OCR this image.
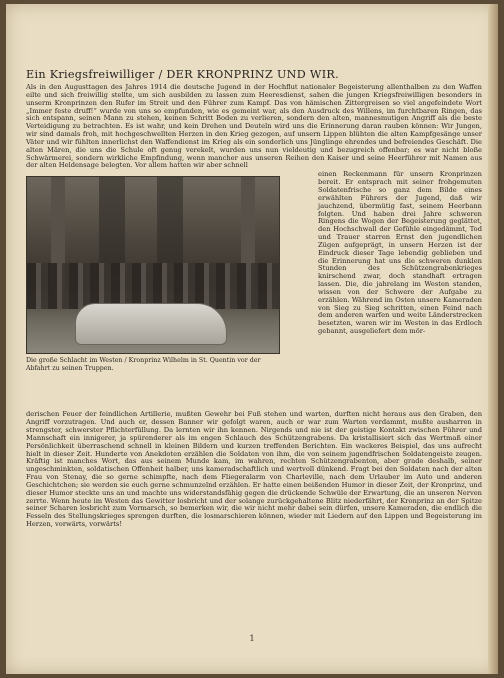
Ein Kriegsfreiwilliger / DER KRONPRINZ UND WIR.

Als in den Augusttagen des Jahres 1914 die deutsche Jugend in der Hochflut nationaler Begeisterung allenthalben zu den Waffen eilte und sich freiwillig stellte, um sich ausbilden zu lassen zum Heeresdienst, sahen die jungen Kriegsfreiwilligen besonders in unserm Kronprinzen den Rufer im Streit und den Führer zum Kampf. Das von hämischen Zittergreisen so viel angefeindete Wort „Immer feste druff!“ wurde von uns so empfunden, wie es gemeint war, als den Ausdruck des Willens, im furchtbaren Ringen, das sich entspann, seinen Mann zu stehen, keinen Schritt Boden zu verlieren, sondern den alten, mannesmutigen Angriff als die beste Verteidigung zu betrachten. Es ist wahr, und kein Drehen und Deuteln wird uns die Erinnerung daran rauben können: Wir Jungen, wir sind damals froh, mit hochgeschwellten Herzen in den Krieg gezogen, auf unsern Lippen blühten die alten Kampfgesänge unser Väter und wir fühlten innerlichst den Waffendienst im Krieg als ein sonderlich uns Jünglinge ehrendes und befreiendes Geschäft. Die alten Mären, die uns die Schule oft genug verekelt, wurden uns nun vieldeutig und bezugreich offenbar; es war nicht bloße Schwärmerei, sondern wirkliche Empfindung, wenn mancher aus unseren Reihen den Kaiser und seine Heerführer mit Namen aus der alten Heldensage belegten. Vor allem hatten wir aber schnell

Die große Schlacht im Westen / Kronprinz Wilhelm in St. Quentin vor der Abfahrt zu seinen Truppen.

einen Reckenmann für unsern Kronprinzen bereit. Er entsprach mit seiner frohgemuten Soldatenfrische so ganz dem Bilde eines erwählten Führers der Jugend, daß wir jauchzend, übermütig fast, seinem Heerbann folgten. Und haben drei Jahre schweren Ringens die Wogen der Begeisterung geglättet, den Hochschwall der Gefühle eingedämmt, Tod und Trauer starren Ernst den jugendlichen Zügen aufgeprägt, in unsern Herzen ist der Eindruck dieser Tage lebendig geblieben und die Erinnerung hat uns die schweren dunklen Stunden des Schützengrabenkrieges knirschend zwar, doch standhaft ertragen lassen. Die, die jahrelang im Westen standen, wissen von der Schwere der Aufgabe zu erzählen. Während im Osten unsere Kameraden von Sieg zu Sieg schritten, einen Feind nach dem anderen warfen und weite Länderstrecken besetzten, waren wir im Westen in das Erdloch gebannt, ausgeliefert dem mör-

derischen Feuer der feindlichen Artillerie, mußten Gewehr bei Fuß stehen und warten, durften nicht heraus aus den Graben, den Angriff vorzutragen. Und auch er, dessen Banner wir gefolgt waren, auch er war zum Warten verdammt, mußte ausharren in strengster, schwerster Pflichterfüllung. Da lernten wir ihn kennen. Nirgends und nie ist der geistige Kontakt zwischen Führer und Mannschaft ein innigerer, ja spürenderer als im engen Schlauch des Schützengrabens. Da kristallisiert sich das Wertmaß einer Persönlichkeit überraschend schnell in kleinen Bildern und kurzen treffenden Berichten. Ein wackeres Beispiel, das uns aufrecht hielt in dieser Zeit. Hunderte von Anekdoten erzählen die Soldaten von ihm, die von seinem jugendfrischen Soldatengeiste zeugen. Kräftig ist manches Wort, das aus seinem Munde kam, im wahren, rechten Schützengrabenton, aber grade deshalb, seiner ungeschminkten, soldatischen Offenheit halber, uns kameradschaftlich und wertvoll dünkend. Fragt bei den Soldaten nach der alten Frau von Stenay, die so gerne schimpfte, nach dem Fliegeralarm von Charleville, nach dem Urlauber im Auto und anderen Geschichtchen; sie werden sie euch gerne schmunzelnd erzählen. Er hatte einen beißenden Humor in dieser Zeit, der Kronprinz, und dieser Humor steckte uns an und machte uns widerstandsfähig gegen die drückende Schwüle der Erwartung, die an unseren Nerven zerrte. Wenn heute im Westen das Gewitter losbricht und der solange zurückgehaltene Blitz niederfährt, der Kronprinz an der Spitze seiner Scharen losbricht zum Vormarsch, so bemerken wir, die wir nicht mehr dabei sein dürfen, unsere Kameraden, die endlich die Fesseln des Stellungskrieges sprengen durften, die losmarschieren können, wieder mit Liedern auf den Lippen und Begeisterung im Herzen, vorwärts, vorwärts!

1
